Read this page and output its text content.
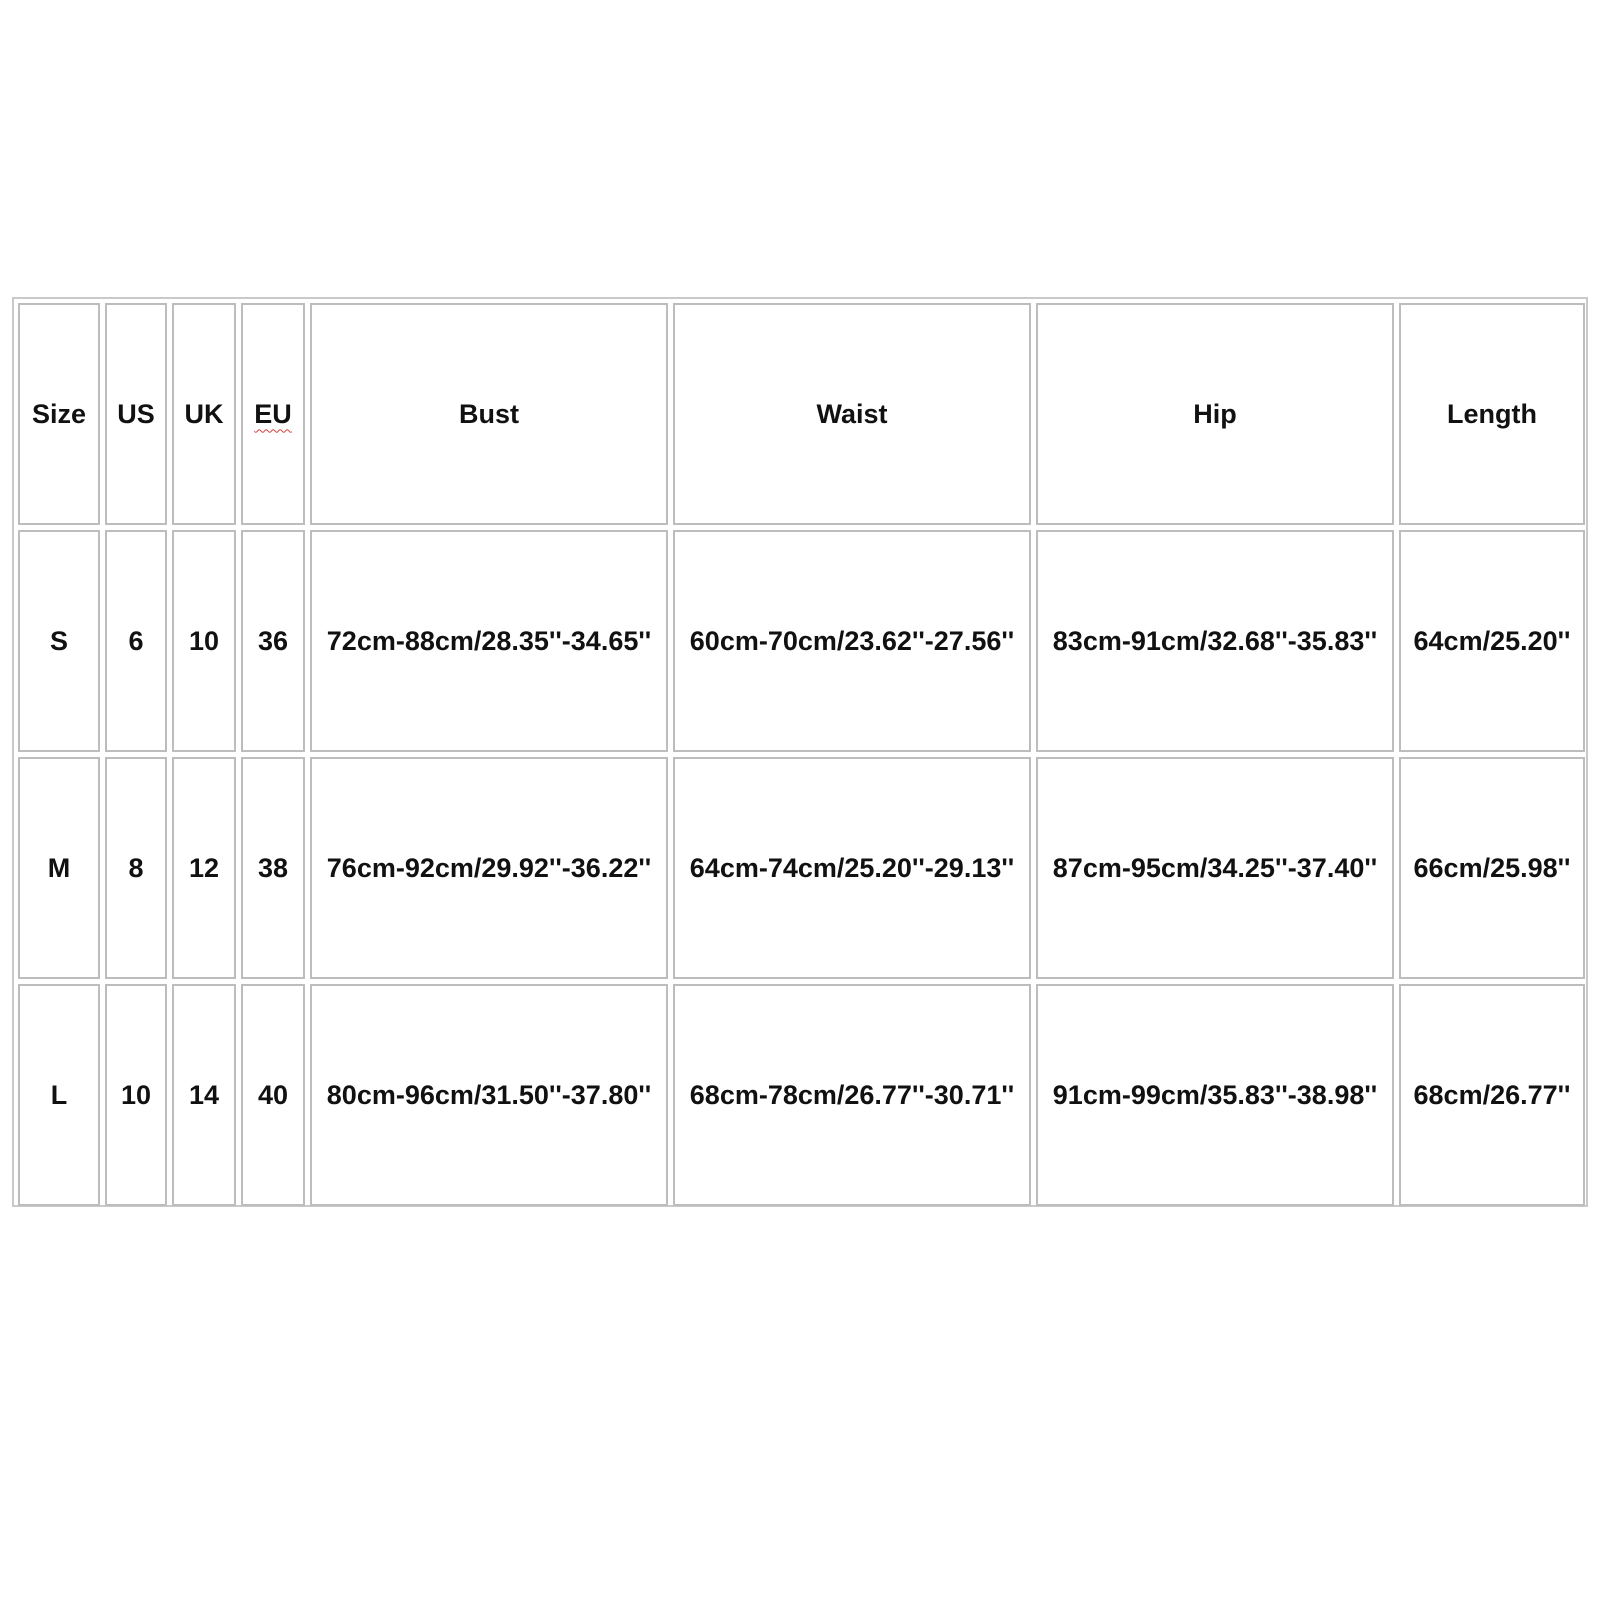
Size	US	UK	EU	Bust	Waist	Hip	Length
S	6	10	36	72cm-88cm/28.35''-34.65''	60cm-70cm/23.62''-27.56''	83cm-91cm/32.68''-35.83''	64cm/25.20''
M	8	12	38	76cm-92cm/29.92''-36.22''	64cm-74cm/25.20''-29.13''	87cm-95cm/34.25''-37.40''	66cm/25.98''
L	10	14	40	80cm-96cm/31.50''-37.80''	68cm-78cm/26.77''-30.71''	91cm-99cm/35.83''-38.98''	68cm/26.77''
